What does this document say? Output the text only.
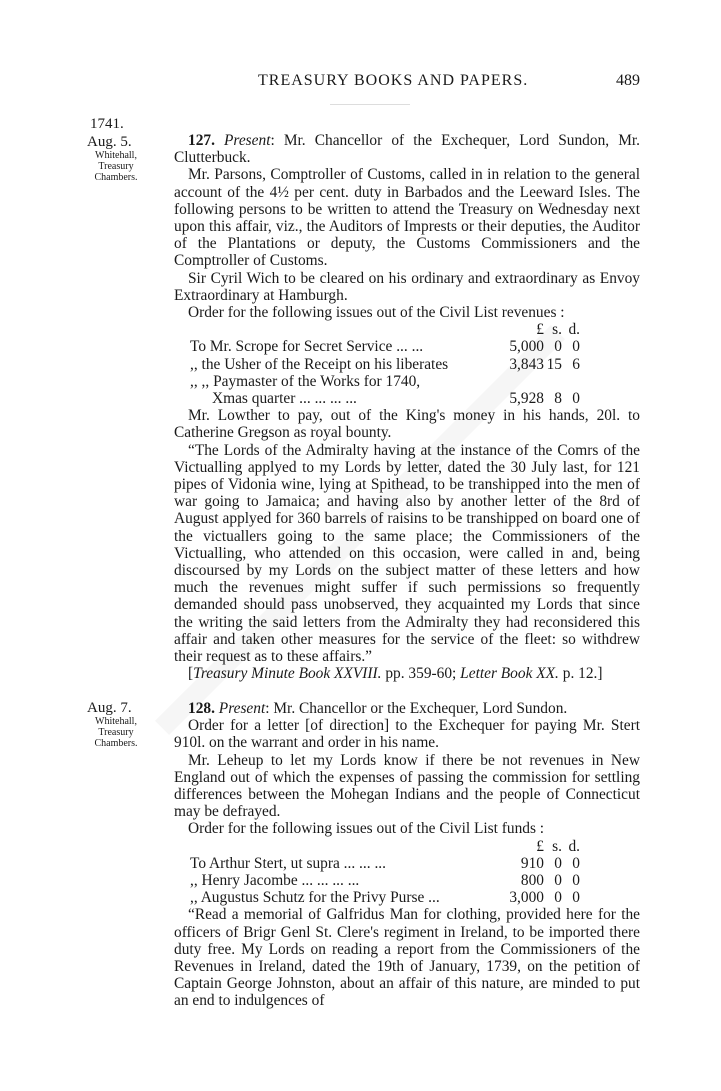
TREASURY BOOKS AND PAPERS.	489
1741.
Aug. 5.
Whitehall, Treasury Chambers.
Aug. 7.
Whitehall, Treasury Chambers.

127. Present: Mr. Chancellor of the Exchequer, Lord Sundon, Mr. Clutterbuck.

Mr. Parsons, Comptroller of Customs, called in in relation to the general account of the 4½ per cent. duty in Barbados and the Leeward Isles. The following persons to be written to attend the Treasury on Wednesday next upon this affair, viz., the Auditors of Imprests or their deputies, the Auditor of the Plantations or deputy, the Customs Commissioners and the Comptroller of Customs.

Sir Cyril Wich to be cleared on his ordinary and extraordinary as Envoy Extraordinary at Hamburgh.

Order for the following issues out of the Civil List revenues :

	£	s.	d.
To Mr. Scrope for Secret Service ... ...	5,000	0	0
,, the Usher of the Receipt on his liberates	3,843	15	6
,, ,, Paymaster of the Works for 1740,			
Xmas quarter ... ... ... ...	5,928	8	0

Mr. Lowther to pay, out of the King's money in his hands, 20l. to Catherine Gregson as royal bounty.

“The Lords of the Admiralty having at the instance of the Comrs of the Victualling applyed to my Lords by letter, dated the 30 July last, for 121 pipes of Vidonia wine, lying at Spithead, to be transhipped into the men of war going to Jamaica; and having also by another letter of the 8rd of August applyed for 360 barrels of raisins to be transhipped on board one of the victuallers going to the same place; the Commissioners of the Victualling, who attended on this occasion, were called in and, being discoursed by my Lords on the subject matter of these letters and how much the revenues might suffer if such permissions so frequently demanded should pass unobserved, they acquainted my Lords that since the writing the said letters from the Admiralty they had reconsidered this affair and taken other measures for the service of the fleet: so withdrew their request as to these affairs.”

[Treasury Minute Book XXVIII. pp. 359-60; Letter Book XX. p. 12.]

128. Present: Mr. Chancellor or the Exchequer, Lord Sundon.

Order for a letter [of direction] to the Exchequer for paying Mr. Stert 910l. on the warrant and order in his name.

Mr. Leheup to let my Lords know if there be not revenues in New England out of which the expenses of passing the commission for settling differences between the Mohegan Indians and the people of Connecticut may be defrayed.

Order for the following issues out of the Civil List funds :

	£	s.	d.
To Arthur Stert, ut supra ... ... ...	910	0	0
,, Henry Jacombe ... ... ... ...	800	0	0
,, Augustus Schutz for the Privy Purse ...	3,000	0	0

“Read a memorial of Galfridus Man for clothing, provided here for the officers of Brigr Genl St. Clere's regiment in Ireland, to be imported there duty free. My Lords on reading a report from the Commissioners of the Revenues in Ireland, dated the 19th of January, 1739, on the petition of Captain George Johnston, about an affair of this nature, are minded to put an end to indulgences of
